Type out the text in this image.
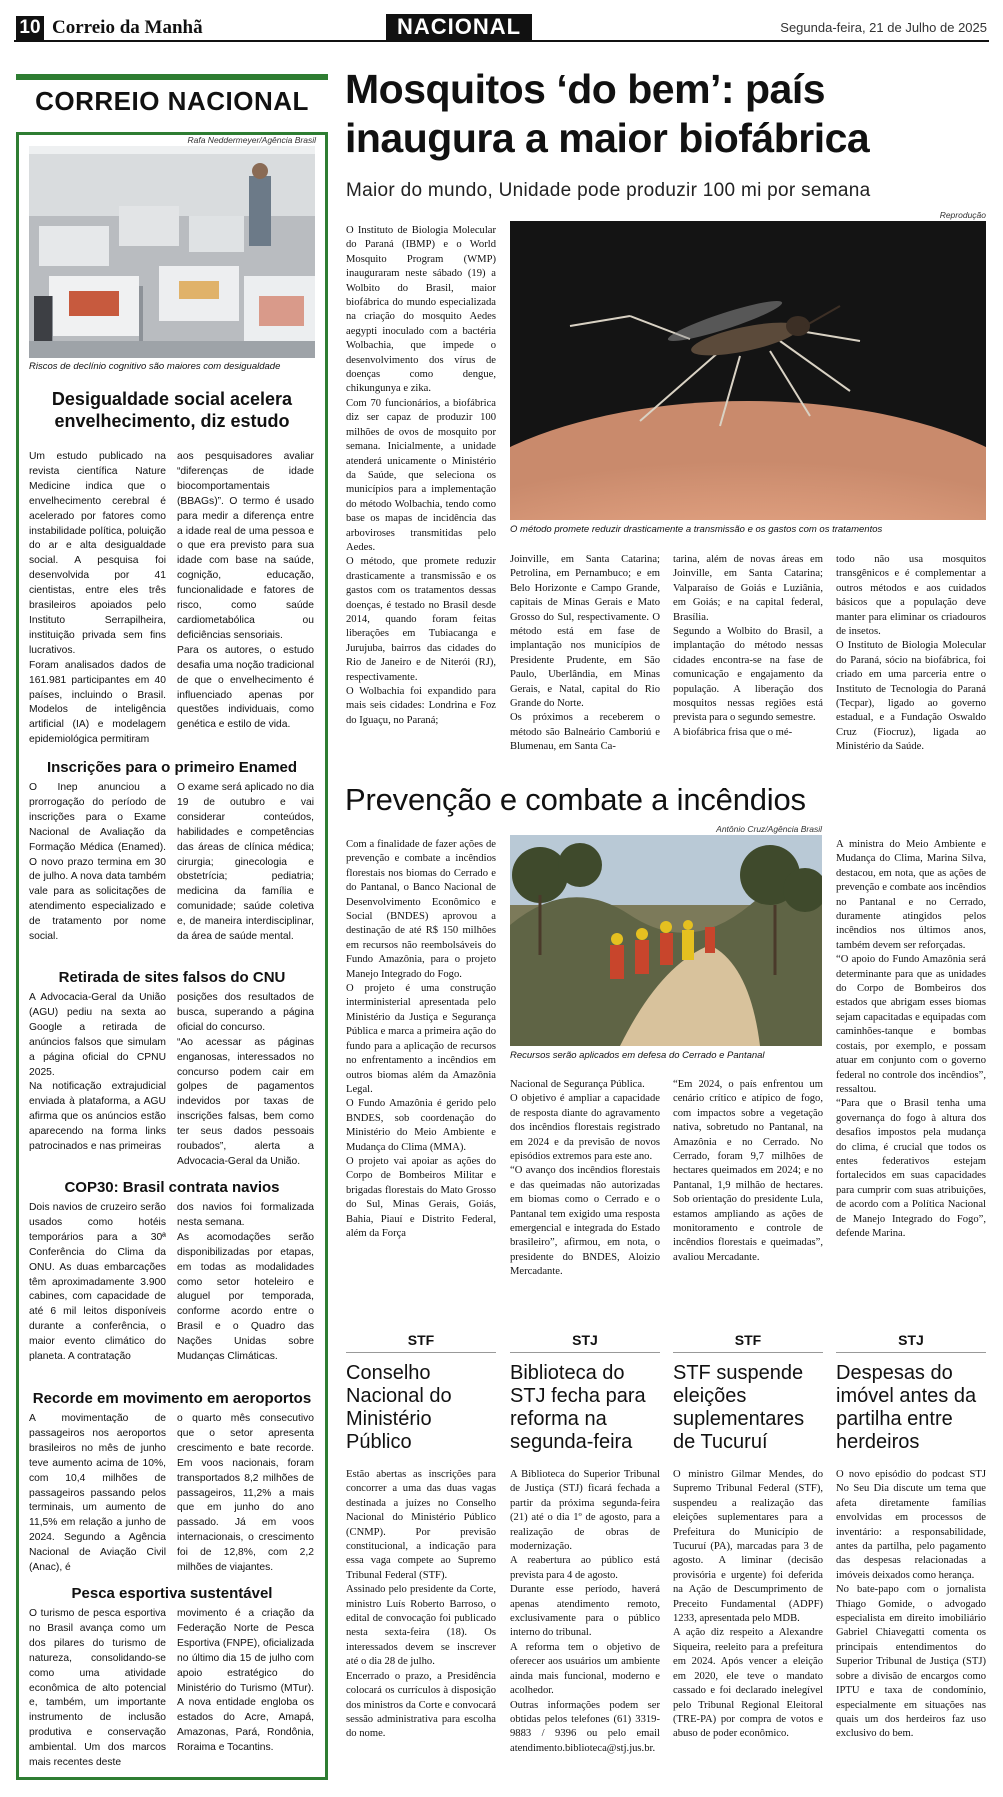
10 Correio da Manhã	NACIONAL	Segunda-feira, 21 de Julho de 2025
CORREIO NACIONAL
Rafa Neddermeyer/Agência Brasil
Riscos de declínio cognitivo são maiores com desigualdade
Desigualdade social acelera envelhecimento, diz estudo
Um estudo publicado na revista científica Nature Medicine indica que o envelhecimento cerebral é acelerado por fatores como instabilidade política, poluição do ar e alta desigualdade social. A pesquisa foi desenvolvida por 41 cientistas, entre eles três brasileiros apoiados pelo Instituto Serrapilheira, instituição privada sem fins lucrativos.
Foram analisados dados de 161.981 participantes em 40 países, incluindo o Brasil. Modelos de inteligência artificial (IA) e modelagem epidemiológica permitiram
aos pesquisadores avaliar “diferenças de idade biocomportamentais (BBAGs)”. O termo é usado para medir a diferença entre a idade real de uma pessoa e o que era previsto para sua idade com base na saúde, cognição, educação, funcionalidade e fatores de risco, como saúde cardiometabólica ou deficiências sensoriais.
Para os autores, o estudo desafia uma noção tradicional de que o envelhecimento é influenciado apenas por questões individuais, como genética e estilo de vida.
Inscrições para o primeiro Enamed
O Inep anunciou a prorrogação do período de inscrições para o Exame Nacional de Avaliação da Formação Médica (Enamed). O novo prazo termina em 30 de julho. A nova data também vale para as solicitações de atendimento especializado e de tratamento por nome social.
O exame será aplicado no dia 19 de outubro e vai considerar conteúdos, habilidades e competências das áreas de clínica médica; cirurgia; ginecologia e obstetrícia; pediatria; medicina da família e comunidade; saúde coletiva e, de maneira interdisciplinar, da área de saúde mental.
Retirada de sites falsos do CNU
A Advocacia-Geral da União (AGU) pediu na sexta ao Google a retirada de anúncios falsos que simulam a página oficial do CPNU 2025.
Na notificação extrajudicial enviada à plataforma, a AGU afirma que os anúncios estão aparecendo na forma links patrocinados e nas primeiras
posições dos resultados de busca, superando a página oficial do concurso.
“Ao acessar as páginas enganosas, interessados no concurso podem cair em golpes de pagamentos indevidos por taxas de inscrições falsas, bem como ter seus dados pessoais roubados”, alerta a Advocacia-Geral da União.
COP30: Brasil contrata navios
Dois navios de cruzeiro serão usados como hotéis temporários para a 30ª Conferência do Clima da ONU. As duas embarcações têm aproximadamente 3.900 cabines, com capacidade de até 6 mil leitos disponíveis durante a conferência, o maior evento climático do planeta. A contratação
dos navios foi formalizada nesta semana.
As acomodações serão disponibilizadas por etapas, em todas as modalidades como setor hoteleiro e aluguel por temporada, conforme acordo entre o Brasil e o Quadro das Nações Unidas sobre Mudanças Climáticas.
Recorde em movimento em aeroportos
A movimentação de passageiros nos aeroportos brasileiros no mês de junho teve aumento acima de 10%, com 10,4 milhões de passageiros passando pelos terminais, um aumento de 11,5% em relação a junho de 2024. Segundo a Agência Nacional de Aviação Civil (Anac), é
o quarto mês consecutivo que o setor apresenta crescimento e bate recorde. Em voos nacionais, foram transportados 8,2 milhões de passageiros, 11,2% a mais que em junho do ano passado. Já em voos internacionais, o crescimento foi de 12,8%, com 2,2 milhões de viajantes.
Pesca esportiva sustentável
O turismo de pesca esportiva no Brasil avança como um dos pilares do turismo de natureza, consolidando-se como uma atividade econômica de alto potencial e, também, um importante instrumento de inclusão produtiva e conservação ambiental. Um dos marcos mais recentes deste
movimento é a criação da Federação Norte de Pesca Esportiva (FNPE), oficializada no último dia 15 de julho com apoio estratégico do Ministério do Turismo (MTur). A nova entidade engloba os estados do Acre, Amapá, Amazonas, Pará, Rondônia, Roraima e Tocantins.
Mosquitos ‘do bem’: país
inaugura a maior biofábrica
Maior do mundo, Unidade pode produzir 100 mi por semana
Reprodução
O método promete reduzir drasticamente a transmissão e os gastos com os tratamentos
O Instituto de Biologia Molecular do Paraná (IBMP) e o World Mosquito Program (WMP) inauguraram neste sábado (19) a Wolbito do Brasil, maior biofábrica do mundo especializada na criação do mosquito Aedes aegypti inoculado com a bactéria Wolbachia, que impede o desenvolvimento dos vírus de doenças como dengue, chikungunya e zika.
Com 70 funcionários, a biofábrica diz ser capaz de produzir 100 milhões de ovos de mosquito por semana. Inicialmente, a unidade atenderá unicamente o Ministério da Saúde, que seleciona os municípios para a implementação do método Wolbachia, tendo como base os mapas de incidência das arboviroses transmitidas pelo Aedes.
O método, que promete reduzir drasticamente a transmissão e os gastos com os tratamentos dessas doenças, é testado no Brasil desde 2014, quando foram feitas liberações em Tubiacanga e Jurujuba, bairros das cidades do Rio de Janeiro e de Niterói (RJ), respectivamente.
O Wolbachia foi expandido para mais seis cidades: Londrina e Foz do Iguaçu, no Paraná;
Joinville, em Santa Catarina; Petrolina, em Pernambuco; e em Belo Horizonte e Campo Grande, capitais de Minas Gerais e Mato Grosso do Sul, respectivamente. O método está em fase de implantação nos municípios de Presidente Prudente, em São Paulo, Uberlândia, em Minas Gerais, e Natal, capital do Rio Grande do Norte.
Os próximos a receberem o método são Balneário Camboriú e Blumenau, em Santa Ca-
tarina, além de novas áreas em Joinville, em Santa Catarina; Valparaíso de Goiás e Luziânia, em Goiás; e na capital federal, Brasília.
Segundo a Wolbito do Brasil, a implantação do método nessas cidades encontra-se na fase de comunicação e engajamento da população. A liberação dos mosquitos nessas regiões está prevista para o segundo semestre.
A biofábrica frisa que o mé-
todo não usa mosquitos transgênicos e é complementar a outros métodos e aos cuidados básicos que a população deve manter para eliminar os criadouros de insetos.
O Instituto de Biologia Molecular do Paraná, sócio na biofábrica, foi criado em uma parceria entre o Instituto de Tecnologia do Paraná (Tecpar), ligado ao governo estadual, e a Fundação Oswaldo Cruz (Fiocruz), ligada ao Ministério da Saúde.
Prevenção e combate a incêndios
Antônio Cruz/Agência Brasil
Recursos serão aplicados em defesa do Cerrado e Pantanal
Com a finalidade de fazer ações de prevenção e combate a incêndios florestais nos biomas do Cerrado e do Pantanal, o Banco Nacional de Desenvolvimento Econômico e Social (BNDES) aprovou a destinação de até R$ 150 milhões em recursos não reembolsáveis do Fundo Amazônia, para o projeto Manejo Integrado do Fogo.
O projeto é uma construção interministerial apresentada pelo Ministério da Justiça e Segurança Pública e marca a primeira ação do fundo para a aplicação de recursos no enfrentamento a incêndios em outros biomas além da Amazônia Legal.
O Fundo Amazônia é gerido pelo BNDES, sob coordenação do Ministério do Meio Ambiente e Mudança do Clima (MMA).
O projeto vai apoiar as ações do Corpo de Bombeiros Militar e brigadas florestais do Mato Grosso do Sul, Minas Gerais, Goiás, Bahia, Piauí e Distrito Federal, além da Força
Nacional de Segurança Pública.
O objetivo é ampliar a capacidade de resposta diante do agravamento dos incêndios florestais registrado em 2024 e da previsão de novos episódios extremos para este ano.
“O avanço dos incêndios florestais e das queimadas não autorizadas em biomas como o Cerrado e o Pantanal tem exigido uma resposta emergencial e integrada do Estado brasileiro”, afirmou, em nota, o presidente do BNDES, Aloizio Mercadante.
“Em 2024, o país enfrentou um cenário crítico e atípico de fogo, com impactos sobre a vegetação nativa, sobretudo no Pantanal, na Amazônia e no Cerrado. No Cerrado, foram 9,7 milhões de hectares queimados em 2024; e no Pantanal, 1,9 milhão de hectares. Sob orientação do presidente Lula, estamos ampliando as ações de monitoramento e controle de incêndios florestais e queimadas”, avaliou Mercadante.
A ministra do Meio Ambiente e Mudança do Clima, Marina Silva, destacou, em nota, que as ações de prevenção e combate aos incêndios no Pantanal e no Cerrado, duramente atingidos pelos incêndios nos últimos anos, também devem ser reforçadas.
“O apoio do Fundo Amazônia será determinante para que as unidades do Corpo de Bombeiros dos estados que abrigam esses biomas sejam capacitadas e equipadas com caminhões-tanque e bombas costais, por exemplo, e possam atuar em conjunto com o governo federal no controle dos incêndios”, ressaltou.
“Para que o Brasil tenha uma governança do fogo à altura dos desafios impostos pela mudança do clima, é crucial que todos os entes federativos estejam fortalecidos em suas capacidades para cumprir com suas atribuições, de acordo com a Política Nacional de Manejo Integrado do Fogo”, defende Marina.
STF
Conselho Nacional do Ministério Público
Estão abertas as inscrições para concorrer a uma das duas vagas destinada a juízes no Conselho Nacional do Ministério Público (CNMP). Por previsão constitucional, a indicação para essa vaga compete ao Supremo Tribunal Federal (STF).
Assinado pelo presidente da Corte, ministro Luís Roberto Barroso, o edital de convocação foi publicado nesta sexta-feira (18). Os interessados devem se inscrever até o dia 28 de julho.
Encerrado o prazo, a Presidência colocará os currículos à disposição dos ministros da Corte e convocará sessão administrativa para escolha do nome.
STJ
Biblioteca do STJ fecha para reforma na segunda-feira
A Biblioteca do Superior Tribunal de Justiça (STJ) ficará fechada a partir da próxima segunda-feira (21) até o dia 1º de agosto, para a realização de obras de modernização.
A reabertura ao público está prevista para 4 de agosto.
Durante esse período, haverá apenas atendimento remoto, exclusivamente para o público interno do tribunal.
A reforma tem o objetivo de oferecer aos usuários um ambiente ainda mais funcional, moderno e acolhedor.
Outras informações podem ser obtidas pelos telefones (61) 3319-9883 / 9396 ou pelo email atendimento.biblioteca@stj.jus.br.
STF
STF suspende eleições suplementares de Tucuruí
O ministro Gilmar Mendes, do Supremo Tribunal Federal (STF), suspendeu a realização das eleições suplementares para a Prefeitura do Município de Tucuruí (PA), marcadas para 3 de agosto. A liminar (decisão provisória e urgente) foi deferida na Ação de Descumprimento de Preceito Fundamental (ADPF) 1233, apresentada pelo MDB.
A ação diz respeito a Alexandre Siqueira, reeleito para a prefeitura em 2024. Após vencer a eleição em 2020, ele teve o mandato cassado e foi declarado inelegível pelo Tribunal Regional Eleitoral (TRE-PA) por compra de votos e abuso de poder econômico.
STJ
Despesas do imóvel antes da partilha entre herdeiros
O novo episódio do podcast STJ No Seu Dia discute um tema que afeta diretamente famílias envolvidas em processos de inventário: a responsabilidade, antes da partilha, pelo pagamento das despesas relacionadas a imóveis deixados como herança.
No bate-papo com o jornalista Thiago Gomide, o advogado especialista em direito imobiliário Gabriel Chiavegatti comenta os principais entendimentos do Superior Tribunal de Justiça (STJ) sobre a divisão de encargos como IPTU e taxa de condomínio, especialmente em situações nas quais um dos herdeiros faz uso exclusivo do bem.
